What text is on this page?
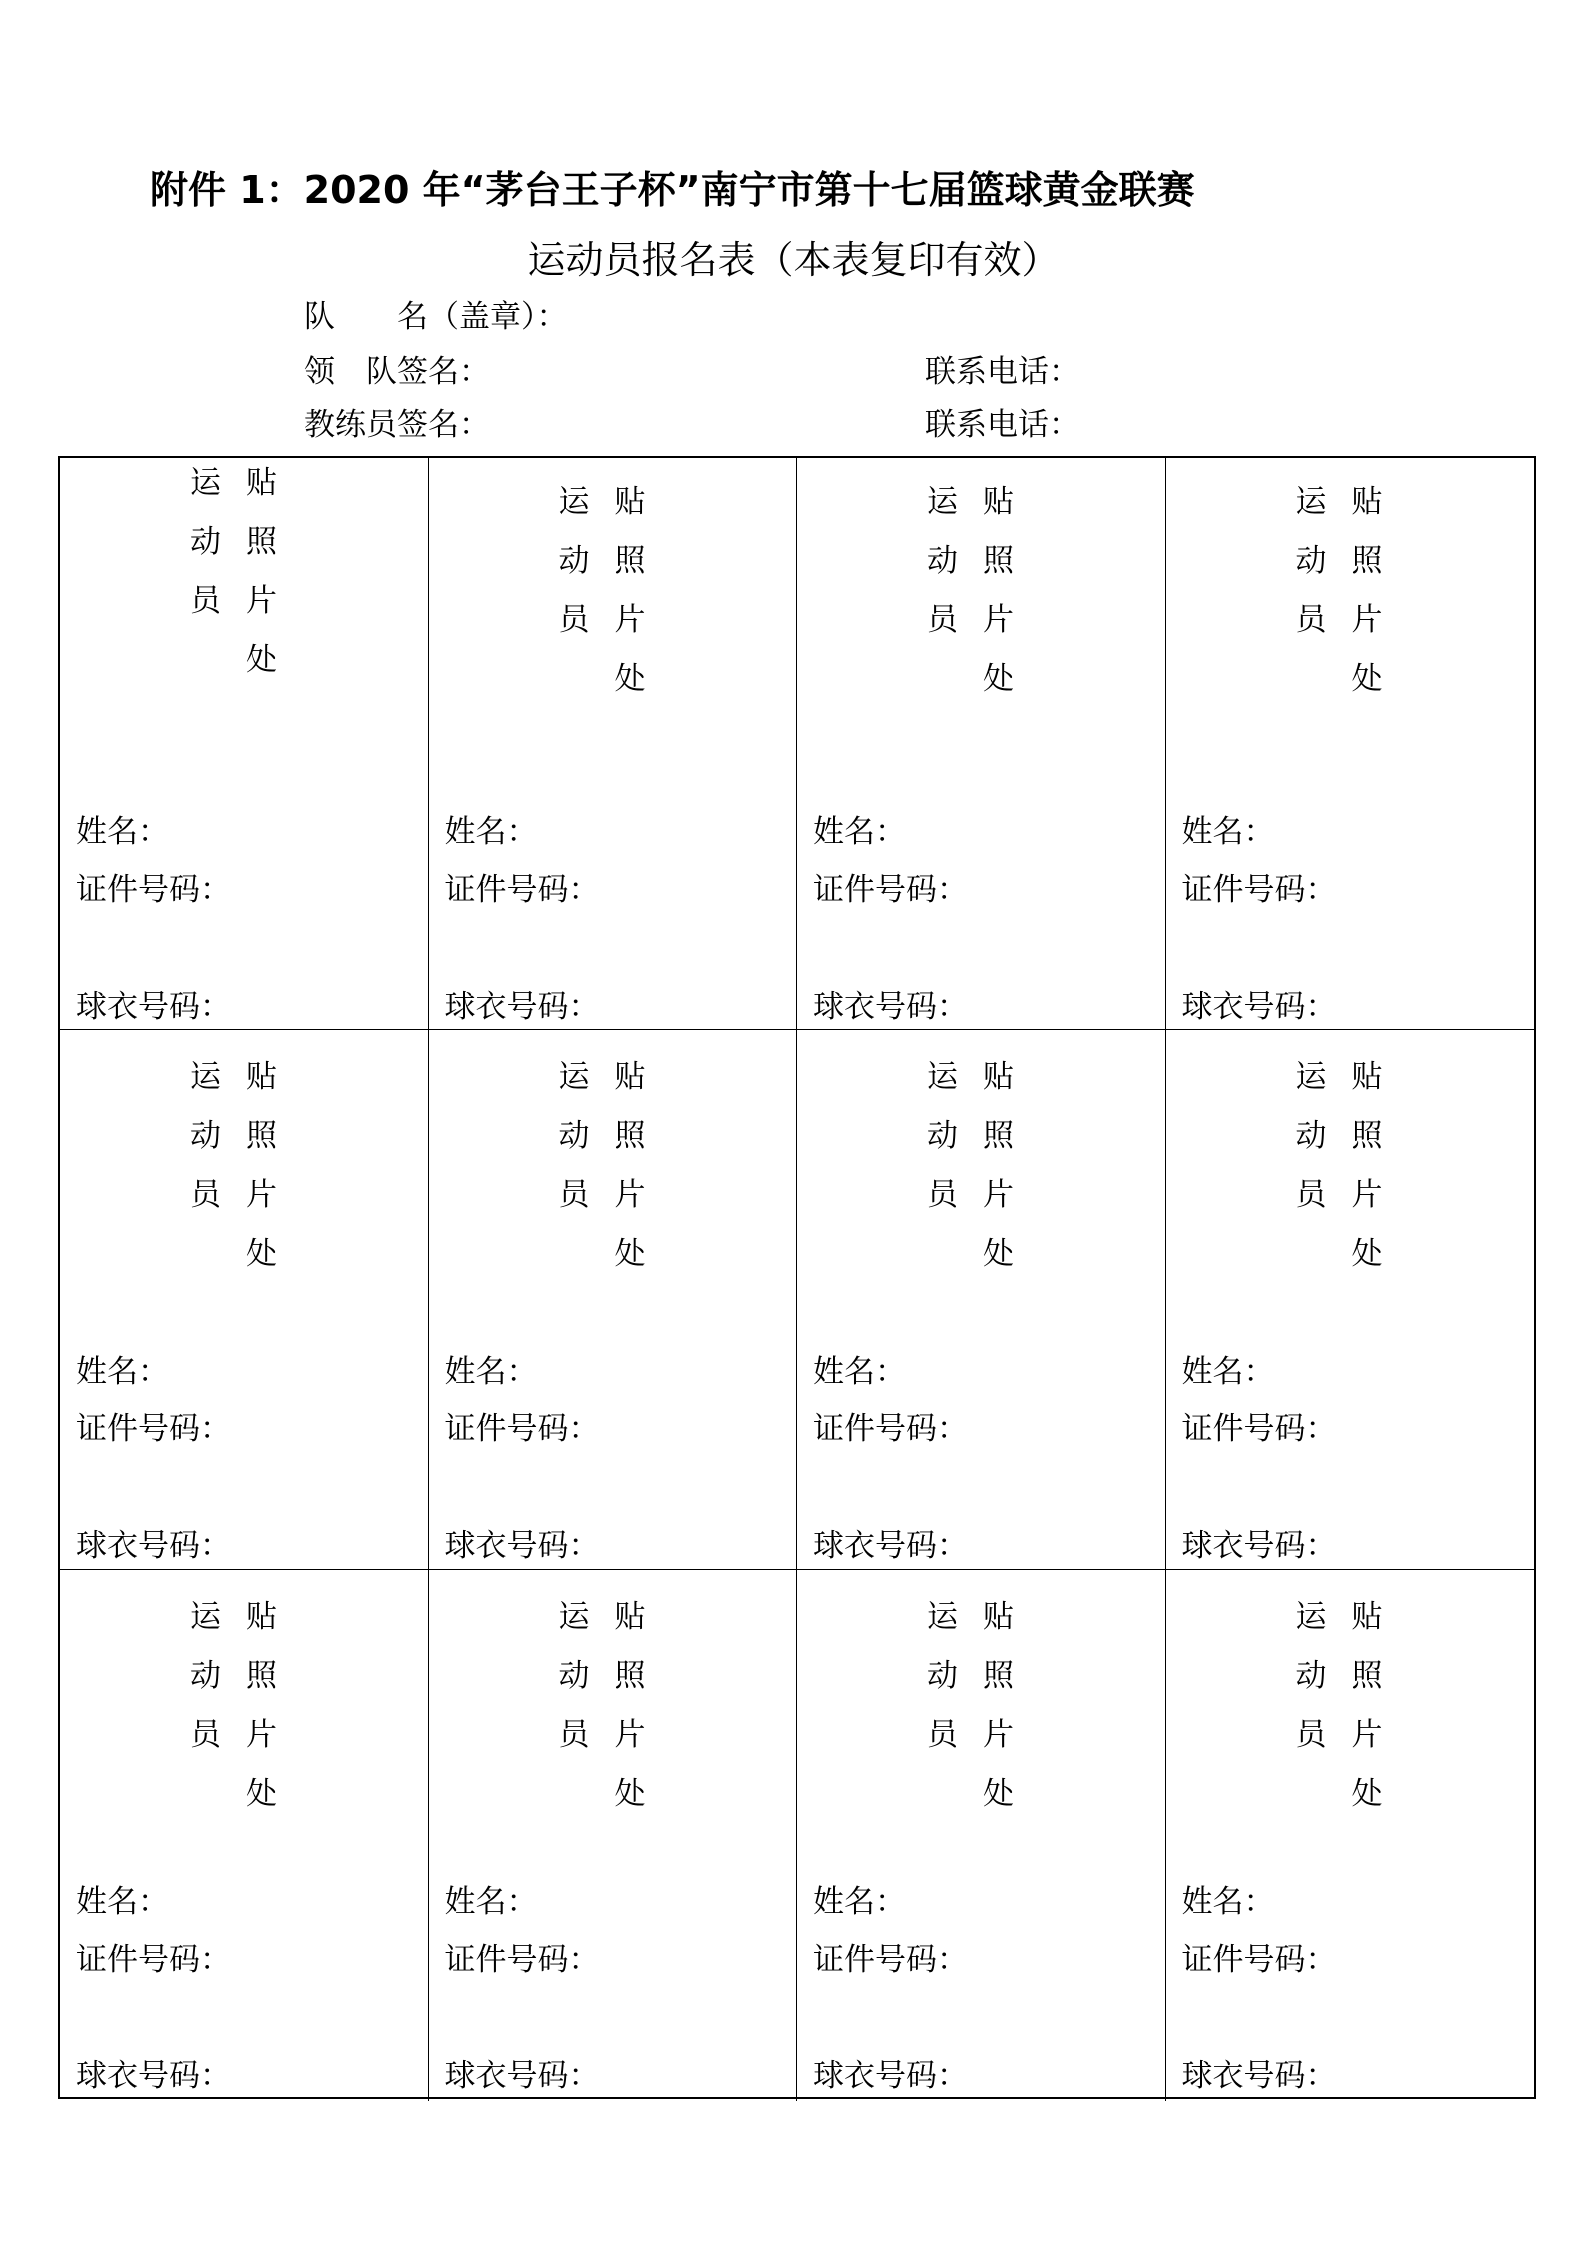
附件 1：2020 年“茅台王子杯”南宁市第十七届篮球黄金联赛
运动员报名表（本表复印有效）
队　　名（盖章）：
领　队签名：
教练员签名：
联系电话：
联系电话：
运
动
员
贴
照
片
处
姓名：
证件号码：
球衣号码：
运
动
员
贴
照
片
处
姓名：
证件号码：
球衣号码：
运
动
员
贴
照
片
处
姓名：
证件号码：
球衣号码：
运
动
员
贴
照
片
处
姓名：
证件号码：
球衣号码：
运
动
员
贴
照
片
处
姓名：
证件号码：
球衣号码：
运
动
员
贴
照
片
处
姓名：
证件号码：
球衣号码：
运
动
员
贴
照
片
处
姓名：
证件号码：
球衣号码：
运
动
员
贴
照
片
处
姓名：
证件号码：
球衣号码：
运
动
员
贴
照
片
处
姓名：
证件号码：
球衣号码：
运
动
员
贴
照
片
处
姓名：
证件号码：
球衣号码：
运
动
员
贴
照
片
处
姓名：
证件号码：
球衣号码：
运
动
员
贴
照
片
处
姓名：
证件号码：
球衣号码：
